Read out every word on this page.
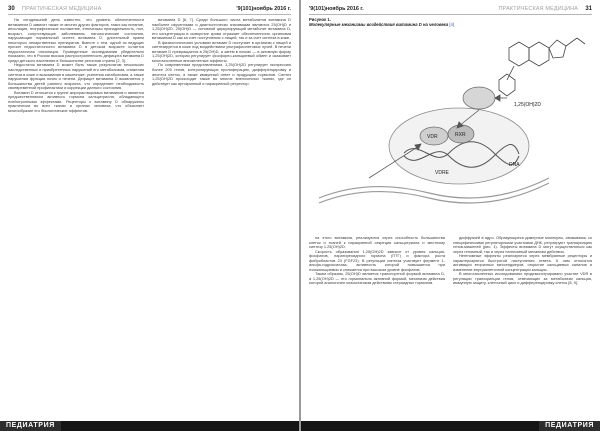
30 ПРАКТИЧЕСКАЯ МЕДИЦИНА	'9(101)ноябрь 2016 г.

На сегодняшний день известно, что уровень обеспеченности витамином D зависит также от многих других факторов, таких как питание, инсоляция, географическое положение, этническая принадлежность, пол, возраст, сопутствующие заболевания, патологические состояния, нарушающие нормальный синтез витамина D, длительный прием некоторых лекарственных препаратов. Вместе с тем, одной из ведущих причин недостаточности витамина D в детском возрасте остается недостаточная инсоляция. Проведенные исследования убедительно показали, что в России высока распространенность дефицита витамина D среди детского населения в большинстве регионов страны [2, 3].

Недостаток витамина D может быть также результатом нескольких наследственных и приобретенных нарушений его метаболизма, снижения синтеза в коже и всасывания в кишечнике, усиления катаболизма, а также нарушения функции почек и печени. Дефицит витамина D выявляется у большинства детей раннего возраста, что определяет необходимость своевременной профилактики и коррекции данного состояния.

Витамин D относится к группе жирорастворимых витаминов и является предшественником активного гормона кальцитриола, обладающего плейотропными эффектами. Рецепторы к витамину D обнаружены практически во всех тканях и органах человека, что объясняет многообразие его биологических эффектов.

витамина D [6, 7]. Среди большого числа метаболитов витамина D наиболее изученными и диагностически значимыми являются 25(OH)D и 1,25(OH)2D. 25(OH)D — основной циркулирующий метаболит витамина D, его концентрация в сыворотке крови отражает обеспеченность организма витамином D как за счет поступления с пищей, так и за счет синтеза в коже.

В физиологических условиях витамин D поступает в организм с пищей и синтезируется в коже под воздействием ультрафиолетовых лучей. В печени витамин D превращается в 25(OH)D, а затем в почках — в активную форму 1,25(OH)2D, которая регулирует фосфорно-кальциевый обмен и оказывает многочисленные внескелетные эффекты.

По современным представлениям, 1,25(OH)2D регулирует экспрессию более 200 генов, контролирующих пролиферацию, дифференцировку и апоптоз клеток, а также иммунный ответ и продукцию гормонов. Синтез 1,25(OH)2D происходит также во многих внепочечных тканях, где он действует как аутокринный и паракринный регулятор.

ПЕДИАТРИЯ
'9(101)ноябрь 2016 г.	ПРАКТИЧЕСКАЯ МЕДИЦИНА 31
Рисунок 1.
Молекулярные механизмы воздействия витамина D на человека [4]
VDR	RXR
VDRE
DNA
1,25(OH)2D

на этого витамина, реализуются через способность большинства клеток и тканей к паракринной секреции кальцитриола и местному синтезу 1,25(OH)2D.

Скорость образования 1,25(OH)2D зависит от уровня кальция, фосфатов, паратиреоидного гормона (ПТГ) и фактора роста фибробластов 23 (FGF23). В регуляции синтеза участвует фермент 1-альфа-гидроксилаза, активность которой повышается при гипокальциемии и снижается при высоком уровне фосфатов.

Таким образом, 25(OH)D является транспортной формой витамина D, а 1,25(OH)2D — его гормонально активной формой, механизм действия которой аналогичен классическим действиям стероидных гормонов.

диффузией в ядро. Образующиеся димерные молекулы, связываясь со специфическими регуляторными участками ДНК, регулируют транскрипцию генов-мишеней (рис. 1). Эффекты витамина D могут осуществляться как через геномный, так и через негеномный механизм действия.

Негеномные эффекты реализуются через мембранные рецепторы и характеризуются быстротой наступления ответа. К ним относятся активация вторичных мессенджеров, открытие кальциевых каналов и изменение внутриклеточной концентрации кальция.

В многочисленных исследованиях продемонстрировано участие VDR в регуляции транскрипции генов, отвечающих за метаболизм кальция, иммунную защиту, клеточный цикл и дифференцировку клеток [8, 9].

ПЕДИАТРИЯ
